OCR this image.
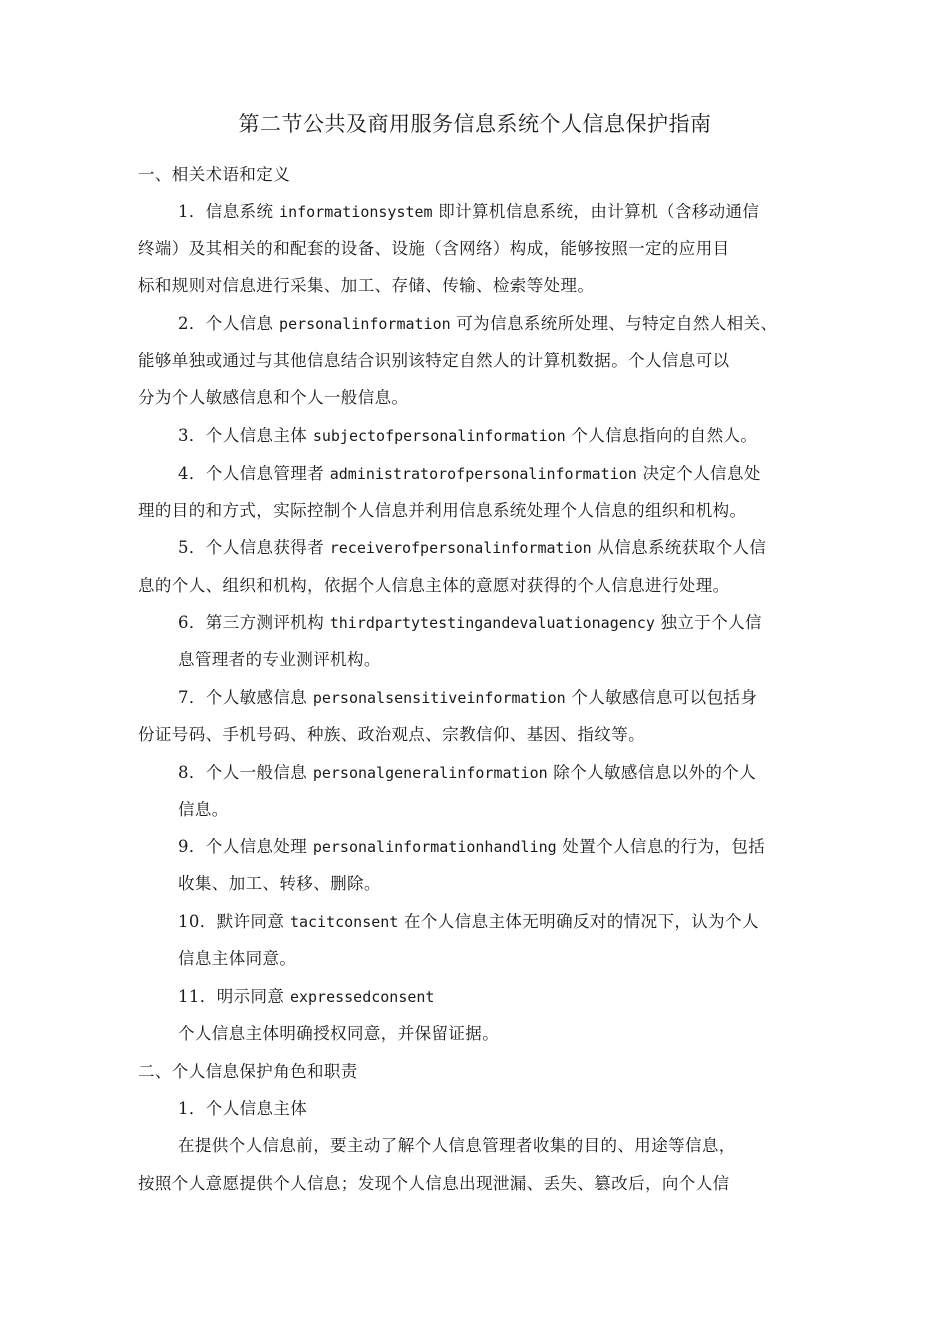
第二节公共及商用服务信息系统个人信息保护指南
一、相关术语和定义
1．信息系统 informationsystem 即计算机信息系统，由计算机（含移动通信
终端）及其相关的和配套的设备、设施（含网络）构成，能够按照一定的应用目
标和规则对信息进行采集、加工、存储、传输、检索等处理。
2．个人信息 personalinformation 可为信息系统所处理、与特定自然人相关、
能够单独或通过与其他信息结合识别该特定自然人的计算机数据。个人信息可以
分为个人敏感信息和个人一般信息。
3．个人信息主体 subjectofpersonalinformation 个人信息指向的自然人。
4．个人信息管理者 administratorofpersonalinformation 决定个人信息处
理的目的和方式，实际控制个人信息并利用信息系统处理个人信息的组织和机构。
5．个人信息获得者 receiverofpersonalinformation 从信息系统获取个人信
息的个人、组织和机构，依据个人信息主体的意愿对获得的个人信息进行处理。
6．第三方测评机构 thirdpartytestingandevaluationagency 独立于个人信
息管理者的专业测评机构。
7．个人敏感信息 personalsensitiveinformation 个人敏感信息可以包括身
份证号码、手机号码、种族、政治观点、宗教信仰、基因、指纹等。
8．个人一般信息 personalgeneralinformation 除个人敏感信息以外的个人
信息。
9．个人信息处理 personalinformationhandling 处置个人信息的行为，包括
收集、加工、转移、删除。
10．默许同意 tacitconsent 在个人信息主体无明确反对的情况下，认为个人
信息主体同意。
11．明示同意 expressedconsent
个人信息主体明确授权同意，并保留证据。
二、个人信息保护角色和职责
1．个人信息主体
在提供个人信息前，要主动了解个人信息管理者收集的目的、用途等信息，
按照个人意愿提供个人信息；发现个人信息出现泄漏、丢失、篡改后，向个人信
